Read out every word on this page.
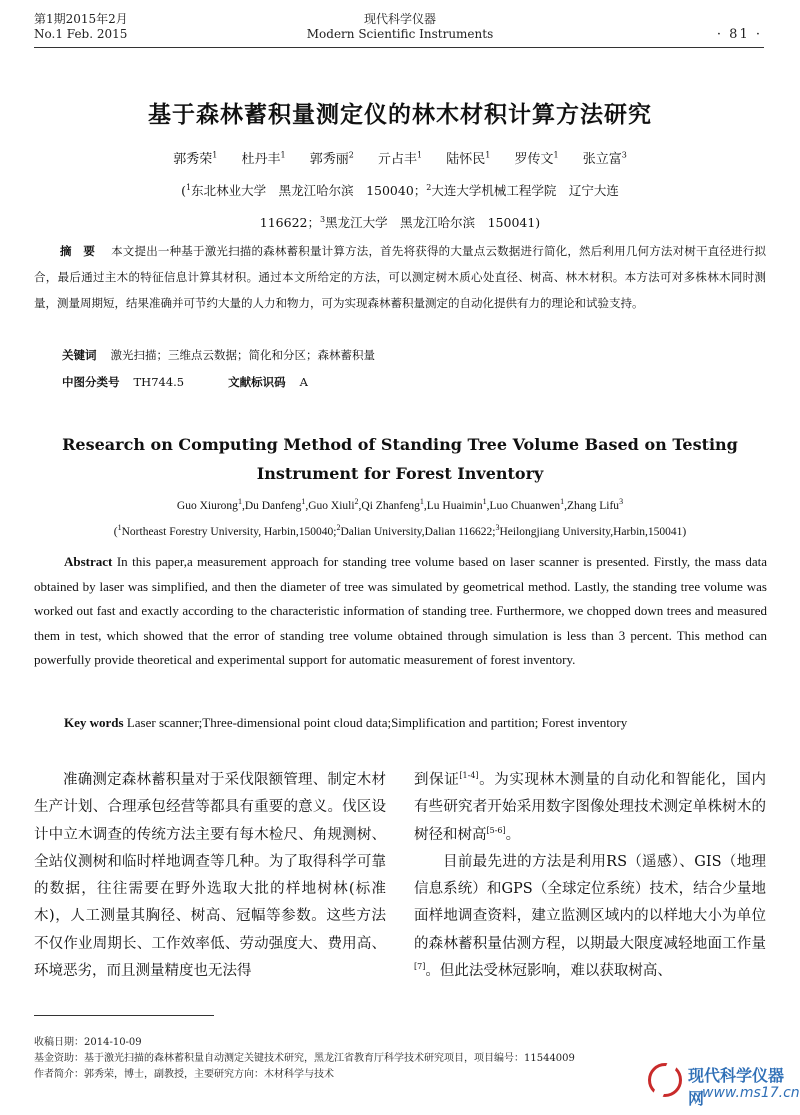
第1期2015年2月
No.1 Feb. 2015
现代科学仪器
Modern Scientific Instruments	· 81 ·
基于森林蓄积量测定仪的林木材积计算方法研究
郭秀荣$^1$ 杜丹丰$^1$ 郭秀丽$^2$ 亓占丰$^1$ 陆怀民$^1$ 罗传文$^1$ 张立富$^3$
($^1$东北林业大学　黑龙江哈尔滨　150040；$^2$大连大学机械工程学院　辽宁大连　116622；$^3$黑龙江大学　黑龙江哈尔滨　150041)
摘　要 本文提出一种基于激光扫描的森林蓄积量计算方法，首先将获得的大量点云数据进行简化，然后利用几何方法对树干直径进行拟合，最后通过主木的特征信息计算其材积。通过本文所给定的方法，可以测定树木质心处直径、树高、林木材积。本方法可对多株林木同时测量，测量周期短，结果准确并可节约大量的人力和物力，可为实现森林蓄积量测定的自动化提供有力的理论和试验支持。
关键词 激光扫描；三维点云数据；简化和分区；森林蓄积量
中图分类号 TH744.5	文献标识码 A
Research on Computing Method of Standing Tree Volume Based on Testing Instrument for Forest Inventory
Guo Xiurong$^1$,Du Danfeng$^1$,Guo Xiuli$^2$,Qi Zhanfeng$^1$,Lu Huaimin$^1$,Luo Chuanwen$^1$,Zhang Lifu$^3$
($^1$Northeast Forestry University, Harbin,150040;$^2$Dalian University,Dalian 116622;$^3$Heilongjiang University,Harbin,150041)
Abstract In this paper,a measurement approach for standing tree volume based on laser scanner is presented. Firstly, the mass data obtained by laser was simplified, and then the diameter of tree was simulated by geometrical method. Lastly, the standing tree volume was worked out fast and exactly according to the characteristic information of standing tree. Furthermore, we chopped down trees and measured them in test, which showed that the error of standing tree volume obtained through simulation is less than 3 percent. This method can powerfully provide theoretical and experimental support for automatic measurement of forest inventory.
Key words Laser scanner;Three-dimensional point cloud data;Simplification and partition; Forest inventory

准确测定森林蓄积量对于采伐限额管理、制定木材生产计划、合理承包经营等都具有重要的意义。伐区设计中立木调查的传统方法主要有每木检尺、角规测树、全站仪测树和临时样地调查等几种。为了取得科学可靠的数据，往往需要在野外选取大批的样地树林(标准木)，人工测量其胸径、树高、冠幅等参数。这些方法不仅作业周期长、工作效率低、劳动强度大、费用高、环境恶劣，而且测量精度也无法得

到保证[1-4]。为实现林木测量的自动化和智能化，国内有些研究者开始采用数字图像处理技术测定单株树木的树径和树高[5-6]。

目前最先进的方法是利用RS（遥感）、GIS（地理信息系统）和GPS（全球定位系统）技术，结合少量地面样地调查资料，建立监测区域内的以样地大小为单位的森林蓄积量估测方程，以期最大限度减轻地面工作量[7]。但此法受林冠影响，难以获取树高、

收稿日期：2014-10-09
基金资助：基于激光扫描的森林蓄积量自动测定关键技术研究，黑龙江省教育厅科学技术研究项目，项目编号：11544009
作者简介：郭秀荣，博士，副教授，主要研究方向：木材科学与技术	现代科学仪器网
www.ms17.cn
